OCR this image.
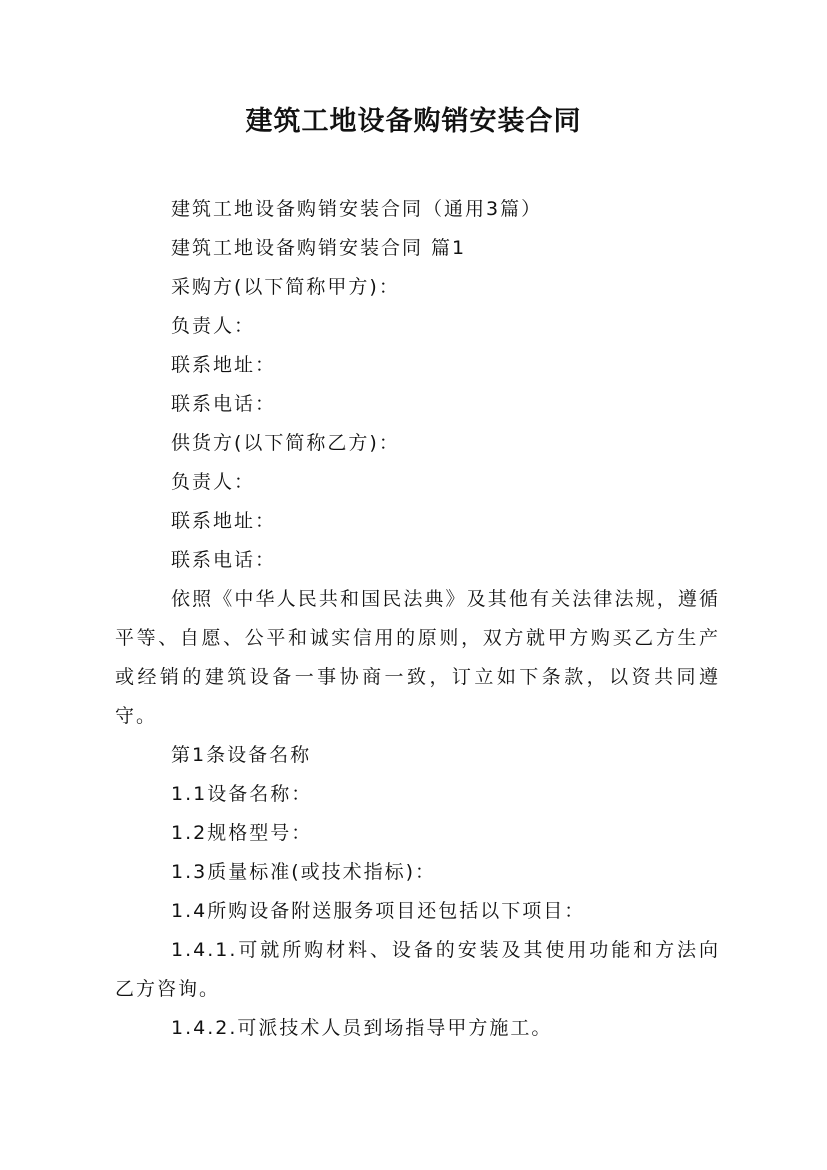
建筑工地设备购销安装合同

建筑工地设备购销安装合同（通用3篇）

建筑工地设备购销安装合同 篇1

采购方(以下简称甲方)：

负责人：

联系地址：

联系电话：

供货方(以下简称乙方)：

负责人：

联系地址：

联系电话：

依照《中华人民共和国民法典》及其他有关法律法规，遵循平等、自愿、公平和诚实信用的原则，双方就甲方购买乙方生产或经销的建筑设备一事协商一致，订立如下条款，以资共同遵守。

第1条设备名称

1.1设备名称：

1.2规格型号：

1.3质量标准(或技术指标)：

1.4所购设备附送服务项目还包括以下项目：

1.4.1.可就所购材料、设备的安装及其使用功能和方法向乙方咨询。

1.4.2.可派技术人员到场指导甲方施工。
